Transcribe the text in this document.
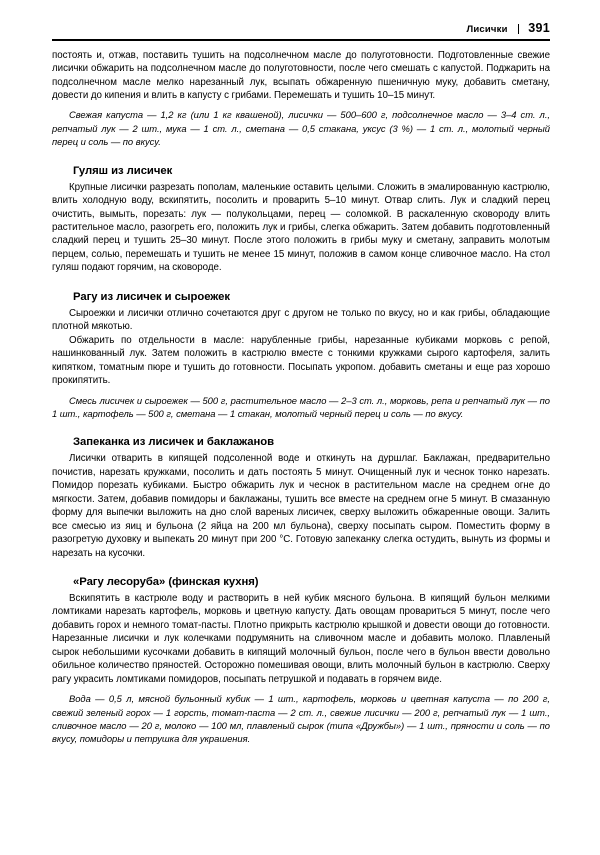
Лисички 391

постоять и, отжав, поставить тушить на подсолнечном масле до полуготовности. Подготовленные свежие лисички обжарить на подсолнечном масле до полуготовности, после чего смешать с капустой. Поджарить на подсолнечном масле мелко нарезанный лук, всыпать обжаренную пшеничную муку, добавить сметану, довести до кипения и влить в капусту с грибами. Перемешать и тушить 10–15 минут.

Свежая капуста — 1,2 кг (или 1 кг квашеной), лисички — 500–600 г, подсолнечное масло — 3–4 ст. л., репчатый лук — 2 шт., мука — 1 ст. л., сметана — 0,5 стакана, уксус (3 %) — 1 ст. л., молотый черный перец и соль — по вкусу.

Гуляш из лисичек

Крупные лисички разрезать пополам, маленькие оставить целыми. Сложить в эмалированную кастрюлю, влить холодную воду, вскипятить, посолить и проварить 5–10 минут. Отвар слить. Лук и сладкий перец очистить, вымыть, порезать: лук — полукольцами, перец — соломкой. В раскаленную сковороду влить растительное масло, разогреть его, положить лук и грибы, слегка обжарить. Затем добавить подготовленный сладкий перец и тушить 25–30 минут. После этого положить в грибы муку и сметану, заправить молотым перцем, солью, перемешать и тушить не менее 15 минут, положив в самом конце сливочное масло. На стол гуляш подают горячим, на сковороде.

Рагу из лисичек и сыроежек

Сыроежки и лисички отлично сочетаются друг с другом не только по вкусу, но и как грибы, обладающие плотной мякотью.

Обжарить по отдельности в масле: нарубленные грибы, нарезанные кубиками морковь с репой, нашинкованный лук. Затем положить в кастрюлю вместе с тонкими кружками сырого картофеля, залить кипятком, томатным пюре и тушить до готовности. Посыпать укропом. добавить сметаны и еще раз хорошо прокипятить.

Смесь лисичек и сыроежек — 500 г, растительное масло — 2–3 ст. л., морковь, репа и репчатый лук — по 1 шт., картофель — 500 г, сметана — 1 стакан, молотый черный перец и соль — по вкусу.

Запеканка из лисичек и баклажанов

Лисички отварить в кипящей подсоленной воде и откинуть на дуршлаг. Баклажан, предварительно почистив, нарезать кружками, посолить и дать постоять 5 минут. Очищенный лук и чеснок тонко нарезать. Помидор порезать кубиками. Быстро обжарить лук и чеснок в растительном масле на среднем огне до мягкости. Затем, добавив помидоры и баклажаны, тушить все вместе на среднем огне 5 минут. В смазанную форму для выпечки выложить на дно слой вареных лисичек, сверху выложить обжаренные овощи. Залить все смесью из яиц и бульона (2 яйца на 200 мл бульона), сверху посыпать сыром. Поместить форму в разогретую духовку и выпекать 20 минут при 200 °C. Готовую запеканку слегка остудить, вынуть из формы и нарезать на кусочки.

«Рагу лесоруба» (финская кухня)

Вскипятить в кастрюле воду и растворить в ней кубик мясного бульона. В кипящий бульон мелкими ломтиками нарезать картофель, морковь и цветную капусту. Дать овощам провариться 5 минут, после чего добавить горох и немного томат-пасты. Плотно прикрыть кастрюлю крышкой и довести овощи до готовности. Нарезанные лисички и лук колечками подрумянить на сливочном масле и добавить молоко. Плавленый сырок небольшими кусочками добавить в кипящий молочный бульон, после чего в бульон ввести довольно обильное количество пряностей. Осторожно помешивая овощи, влить молочный бульон в кастрюлю. Сверху рагу украсить ломтиками помидоров, посыпать петрушкой и подавать в горячем виде.

Вода — 0,5 л, мясной бульонный кубик — 1 шт., картофель, морковь и цветная капуста — по 200 г, свежий зеленый горох — 1 горсть, томат-паста — 2 ст. л., свежие лисички — 200 г, репчатый лук — 1 шт., сливочное масло — 20 г, молоко — 100 мл, плавленый сырок (типа «Дружбы») — 1 шт., пряности и соль — по вкусу, помидоры и петрушка для украшения.
